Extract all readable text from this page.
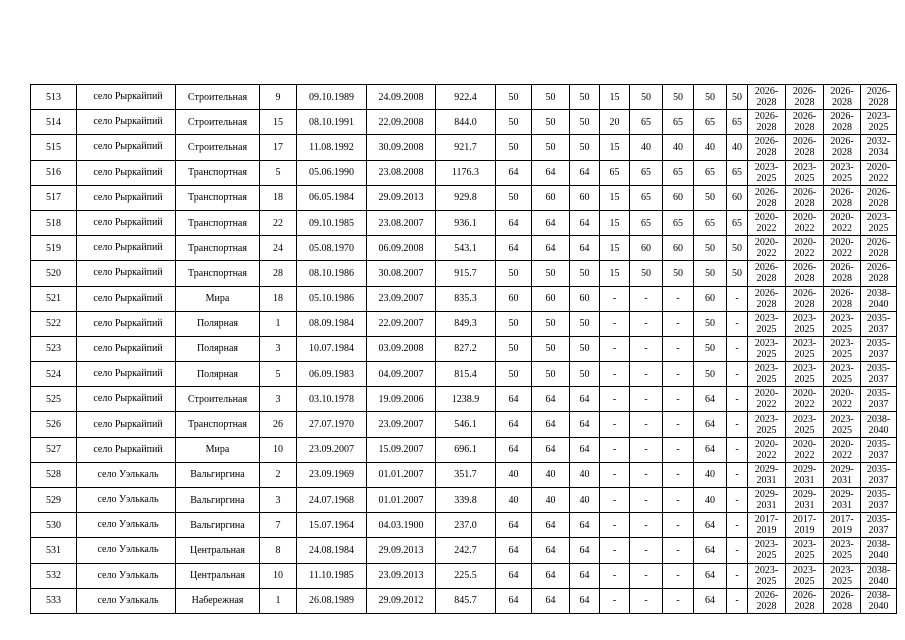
513	село Рыркайпий	Строительная	9	09.10.1989	24.09.2008	922.4	50	50	50	15	50	50	50	50	2026-
2028	2026-
2028	2026-
2028	2026-
2028

514	село Рыркайпий	Строительная	15	08.10.1991	22.09.2008	844.0	50	50	50	20	65	65	65	65	2026-
2028	2026-
2028	2026-
2028	2023-
2025

515	село Рыркайпий	Строительная	17	11.08.1992	30.09.2008	921.7	50	50	50	15	40	40	40	40	2026-
2028	2026-
2028	2026-
2028	2032-
2034

516	село Рыркайпий	Транспортная	5	05.06.1990	23.08.2008	1176.3	64	64	64	65	65	65	65	65	2023-
2025	2023-
2025	2023-
2025	2020-
2022

517	село Рыркайпий	Транспортная	18	06.05.1984	29.09.2013	929.8	50	60	60	15	65	60	50	60	2026-
2028	2026-
2028	2026-
2028	2026-
2028

518	село Рыркайпий	Транспортная	22	09.10.1985	23.08.2007	936.1	64	64	64	15	65	65	65	65	2020-
2022	2020-
2022	2020-
2022	2023-
2025

519	село Рыркайпий	Транспортная	24	05.08.1970	06.09.2008	543.1	64	64	64	15	60	60	50	50	2020-
2022	2020-
2022	2020-
2022	2026-
2028

520	село Рыркайпий	Транспортная	28	08.10.1986	30.08.2007	915.7	50	50	50	15	50	50	50	50	2026-
2028	2026-
2028	2026-
2028	2026-
2028

521	село Рыркайпий	Мира	18	05.10.1986	23.09.2007	835.3	60	60	60	-	-	-	60	-	2026-
2028	2026-
2028	2026-
2028	2038-
2040

522	село Рыркайпий	Полярная	1	08.09.1984	22.09.2007	849.3	50	50	50	-	-	-	50	-	2023-
2025	2023-
2025	2023-
2025	2035-
2037

523	село Рыркайпий	Полярная	3	10.07.1984	03.09.2008	827.2	50	50	50	-	-	-	50	-	2023-
2025	2023-
2025	2023-
2025	2035-
2037

524	село Рыркайпий	Полярная	5	06.09.1983	04.09.2007	815.4	50	50	50	-	-	-	50	-	2023-
2025	2023-
2025	2023-
2025	2035-
2037

525	село Рыркайпий	Строительная	3	03.10.1978	19.09.2006	1238.9	64	64	64	-	-	-	64	-	2020-
2022	2020-
2022	2020-
2022	2035-
2037

526	село Рыркайпий	Транспортная	26	27.07.1970	23.09.2007	546.1	64	64	64	-	-	-	64	-	2023-
2025	2023-
2025	2023-
2025	2038-
2040

527	село Рыркайпий	Мира	10	23.09.2007	15.09.2007	696.1	64	64	64	-	-	-	64	-	2020-
2022	2020-
2022	2020-
2022	2035-
2037

528	село Уэлькаль	Вальгиргина	2	23.09.1969	01.01.2007	351.7	40	40	40	-	-	-	40	-	2029-
2031	2029-
2031	2029-
2031	2035-
2037

529	село Уэлькаль	Вальгиргина	3	24.07.1968	01.01.2007	339.8	40	40	40	-	-	-	40	-	2029-
2031	2029-
2031	2029-
2031	2035-
2037

530	село Уэлькаль	Вальгиргина	7	15.07.1964	04.03.1900	237.0	64	64	64	-	-	-	64	-	2017-
2019	2017-
2019	2017-
2019	2035-
2037

531	село Уэлькаль	Центральная	8	24.08.1984	29.09.2013	242.7	64	64	64	-	-	-	64	-	2023-
2025	2023-
2025	2023-
2025	2038-
2040

532	село Уэлькаль	Центральная	10	11.10.1985	23.09.2013	225.5	64	64	64	-	-	-	64	-	2023-
2025	2023-
2025	2023-
2025	2038-
2040

533	село Уэлькаль	Набережная	1	26.08.1989	29.09.2012	845.7	64	64	64	-	-	-	64	-	2026-
2028	2026-
2028	2026-
2028	2038-
2040
